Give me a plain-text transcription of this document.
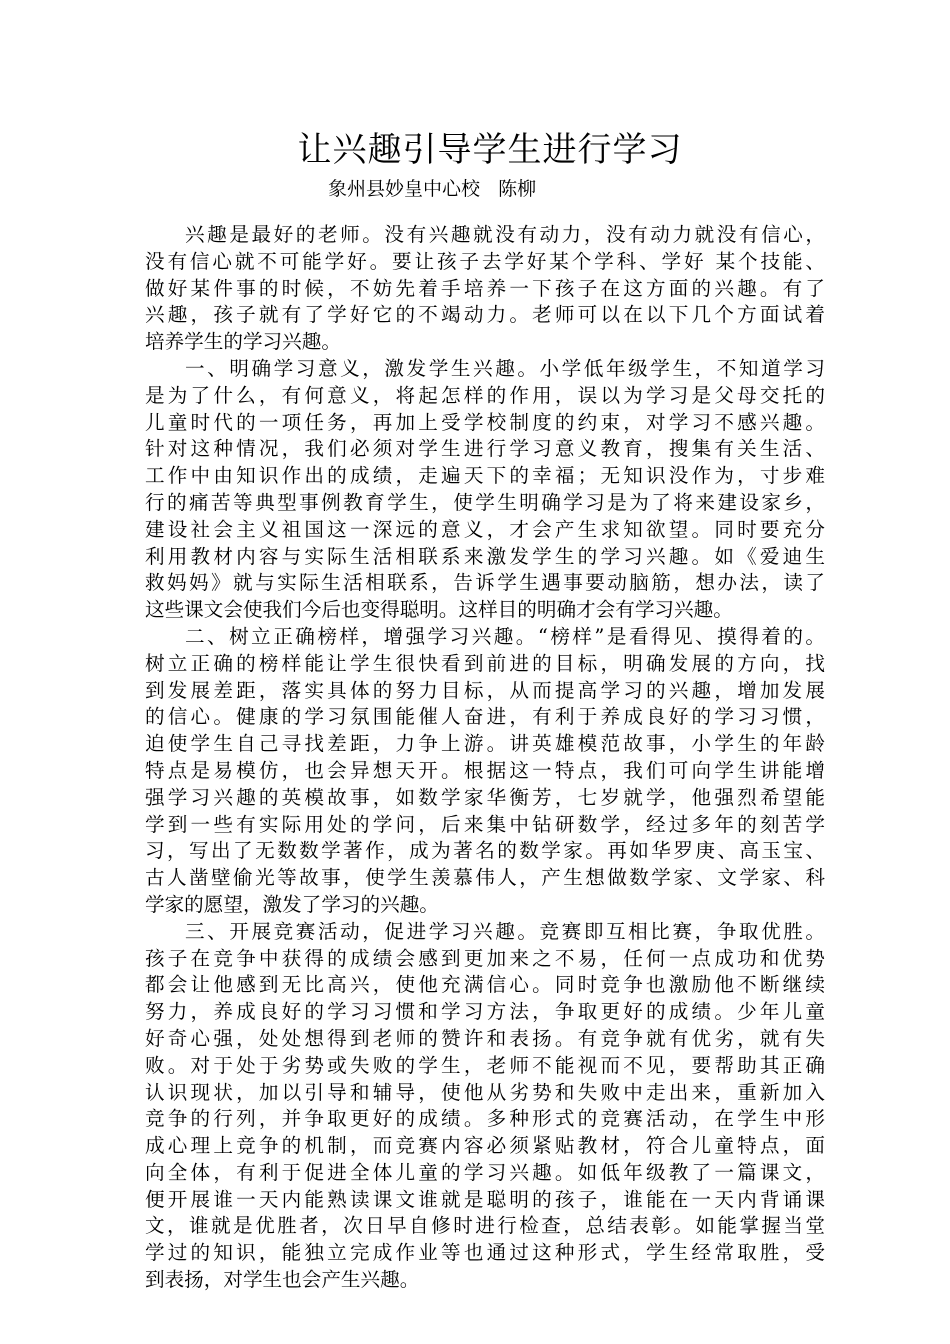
让兴趣引导学生进行学习
象州县妙皇中心校   陈柳
兴趣是最好的老师。没有兴趣就没有动力，没有动力就没有信心，
没有信心就不可能学好。要让孩子去学好某个学科、学好 某个技能、
做好某件事的时候，不妨先着手培养一下孩子在这方面的兴趣。有了
兴趣，孩子就有了学好它的不竭动力。老师可以在以下几个方面试着
培养学生的学习兴趣。
一、明确学习意义，激发学生兴趣。小学低年级学生，不知道学习
是为了什么，有何意义，将起怎样的作用，误以为学习是父母交托的
儿童时代的一项任务，再加上受学校制度的约束，对学习不感兴趣。
针对这种情况，我们必须对学生进行学习意义教育，搜集有关生活、
工作中由知识作出的成绩，走遍天下的幸福；无知识没作为，寸步难
行的痛苦等典型事例教育学生，使学生明确学习是为了将来建设家乡，
建设社会主义祖国这一深远的意义，才会产生求知欲望。同时要充分
利用教材内容与实际生活相联系来激发学生的学习兴趣。如《爱迪生
救妈妈》就与实际生活相联系，告诉学生遇事要动脑筋，想办法，读了
这些课文会使我们今后也变得聪明。这样目的明确才会有学习兴趣。
二、树立正确榜样，增强学习兴趣。“榜样”是看得见、摸得着的。
树立正确的榜样能让学生很快看到前进的目标，明确发展的方向，找
到发展差距，落实具体的努力目标，从而提高学习的兴趣，增加发展
的信心。健康的学习氛围能催人奋进，有利于养成良好的学习习惯，
迫使学生自己寻找差距，力争上游。讲英雄模范故事，小学生的年龄
特点是易模仿，也会异想天开。根据这一特点，我们可向学生讲能增
强学习兴趣的英模故事，如数学家华衡芳，七岁就学，他强烈希望能
学到一些有实际用处的学问，后来集中钻研数学，经过多年的刻苦学
习，写出了无数数学著作，成为著名的数学家。再如华罗庚、高玉宝、
古人凿壁偷光等故事，使学生羡慕伟人，产生想做数学家、文学家、科
学家的愿望，激发了学习的兴趣。
三、开展竞赛活动，促进学习兴趣。竞赛即互相比赛，争取优胜。
孩子在竞争中获得的成绩会感到更加来之不易，任何一点成功和优势
都会让他感到无比高兴，使他充满信心。同时竞争也激励他不断继续
努力，养成良好的学习习惯和学习方法，争取更好的成绩。少年儿童
好奇心强，处处想得到老师的赞许和表扬。有竞争就有优劣，就有失
败。对于处于劣势或失败的学生，老师不能视而不见，要帮助其正确
认识现状，加以引导和辅导，使他从劣势和失败中走出来，重新加入
竞争的行列，并争取更好的成绩。多种形式的竞赛活动，在学生中形
成心理上竞争的机制，而竞赛内容必须紧贴教材，符合儿童特点，面
向全体，有利于促进全体儿童的学习兴趣。如低年级教了一篇课文，
便开展谁一天内能熟读课文谁就是聪明的孩子，谁能在一天内背诵课
文，谁就是优胜者，次日早自修时进行检查，总结表彰。如能掌握当堂
学过的知识，能独立完成作业等也通过这种形式，学生经常取胜，受
到表扬，对学生也会产生兴趣。
